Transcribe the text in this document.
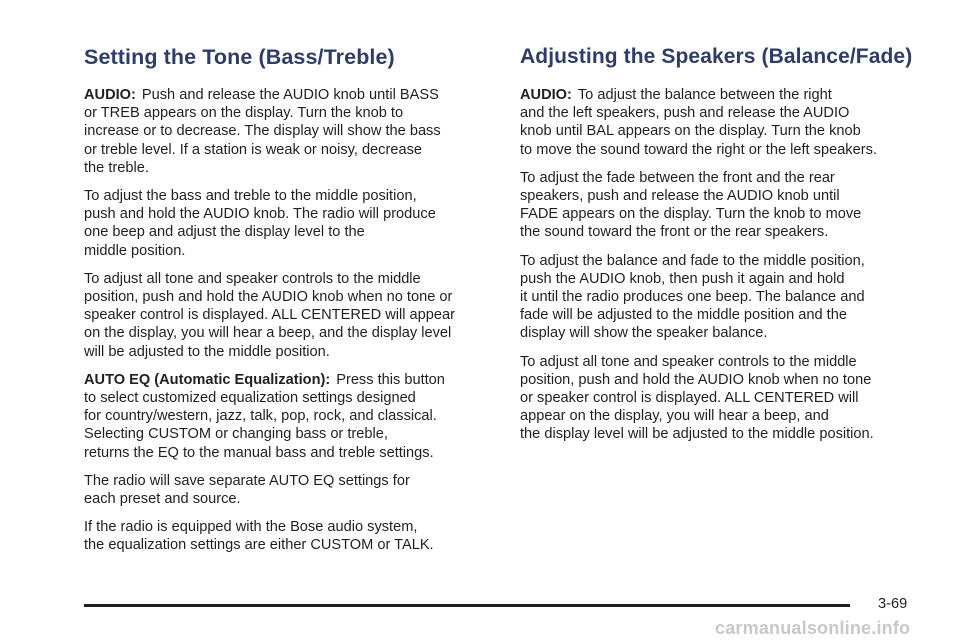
Setting the Tone (Bass/Treble)

AUDIO: Push and release the AUDIO knob until BASS
or TREB appears on the display. Turn the knob to
increase or to decrease. The display will show the bass
or treble level. If a station is weak or noisy, decrease
the treble.

To adjust the bass and treble to the middle position,
push and hold the AUDIO knob. The radio will produce
one beep and adjust the display level to the
middle position.

To adjust all tone and speaker controls to the middle
position, push and hold the AUDIO knob when no tone or
speaker control is displayed. ALL CENTERED will appear
on the display, you will hear a beep, and the display level
will be adjusted to the middle position.

AUTO EQ (Automatic Equalization): Press this button
to select customized equalization settings designed
for country/western, jazz, talk, pop, rock, and classical.
Selecting CUSTOM or changing bass or treble,
returns the EQ to the manual bass and treble settings.

The radio will save separate AUTO EQ settings for
each preset and source.

If the radio is equipped with the Bose audio system,
the equalization settings are either CUSTOM or TALK.

Adjusting the Speakers (Balance/Fade)

AUDIO: To adjust the balance between the right
and the left speakers, push and release the AUDIO
knob until BAL appears on the display. Turn the knob
to move the sound toward the right or the left speakers.

To adjust the fade between the front and the rear
speakers, push and release the AUDIO knob until
FADE appears on the display. Turn the knob to move
the sound toward the front or the rear speakers.

To adjust the balance and fade to the middle position,
push the AUDIO knob, then push it again and hold
it until the radio produces one beep. The balance and
fade will be adjusted to the middle position and the
display will show the speaker balance.

To adjust all tone and speaker controls to the middle
position, push and hold the AUDIO knob when no tone
or speaker control is displayed. ALL CENTERED will
appear on the display, you will hear a beep, and
the display level will be adjusted to the middle position.

3-69
carmanualsonline.info
